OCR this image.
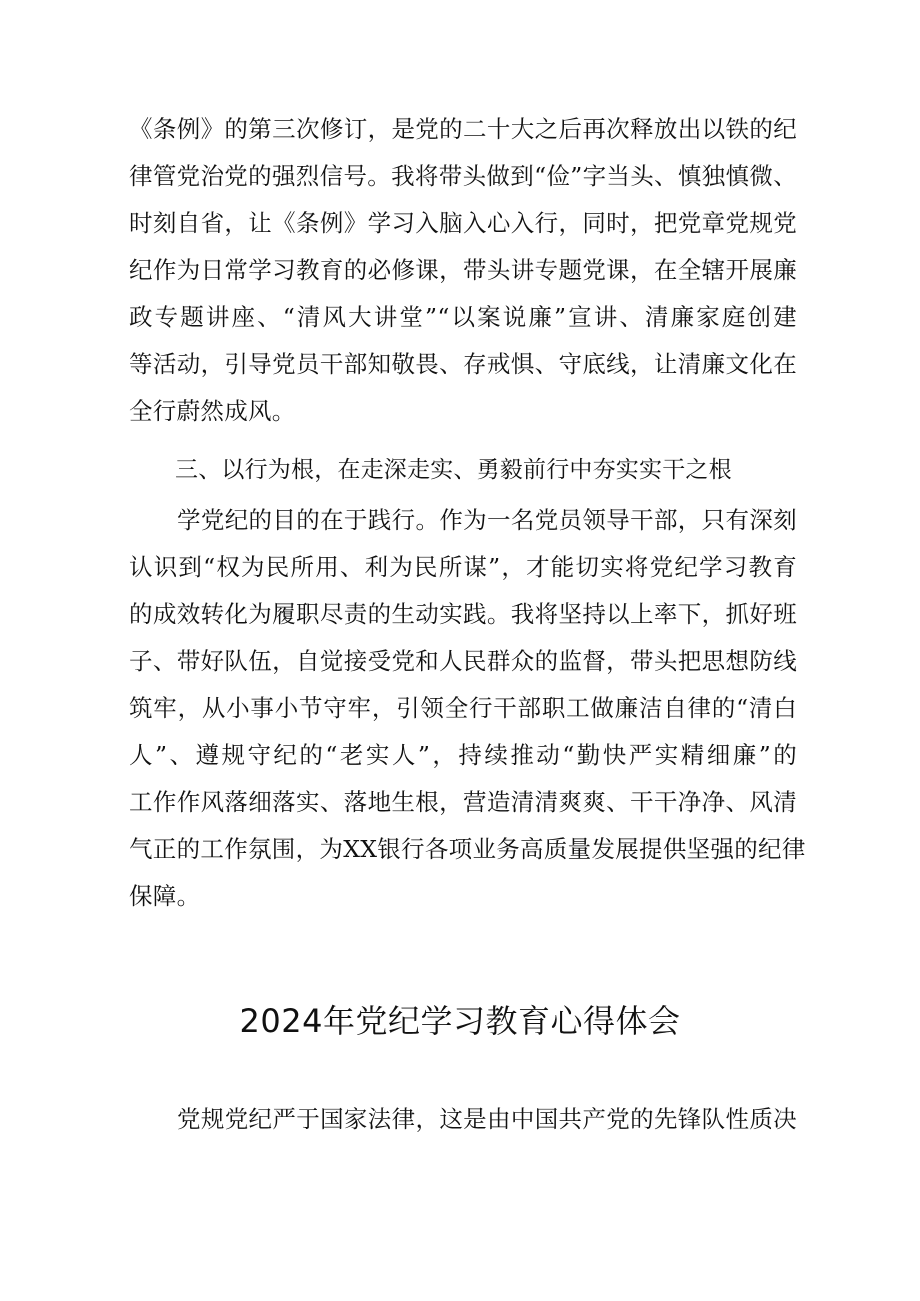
《条例》的第三次修订，是党的二十大之后再次释放出以铁的纪
律管党治党的强烈信号。我将带头做到“俭”字当头、慎独慎微、
时刻自省，让《条例》学习入脑入心入行，同时，把党章党规党
纪作为日常学习教育的必修课，带头讲专题党课，在全辖开展廉
政专题讲座、“清风大讲堂”“以案说廉”宣讲、清廉家庭创建
等活动，引导党员干部知敬畏、存戒惧、守底线，让清廉文化在
全行蔚然成风。
三、以行为根，在走深走实、勇毅前行中夯实实干之根
学党纪的目的在于践行。作为一名党员领导干部，只有深刻
认识到“权为民所用、利为民所谋”，才能切实将党纪学习教育
的成效转化为履职尽责的生动实践。我将坚持以上率下，抓好班
子、带好队伍，自觉接受党和人民群众的监督，带头把思想防线
筑牢，从小事小节守牢，引领全行干部职工做廉洁自律的“清白
人”、遵规守纪的“老实人”，持续推动“勤快严实精细廉”的
工作作风落细落实、落地生根，营造清清爽爽、干干净净、风清
气正的工作氛围，为XX银行各项业务高质量发展提供坚强的纪律
保障。
2024年党纪学习教育心得体会
党规党纪严于国家法律，这是由中国共产党的先锋队性质决
